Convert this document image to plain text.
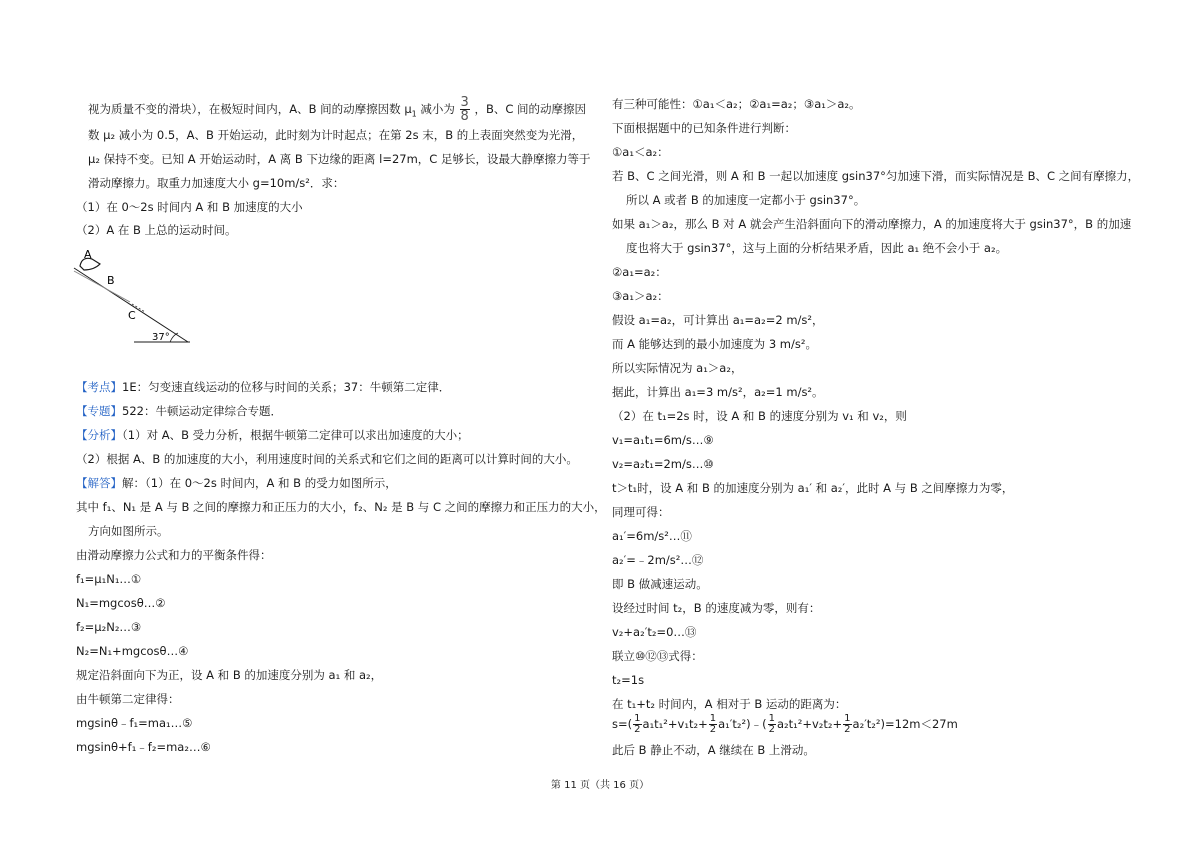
视为质量不变的滑块），在极短时间内，A、B 间的动摩擦因数 $\mu_1$ 减小为 $\frac{3}{8}$ ，B、C 间的动摩擦因
数 μ₂ 减小为 0.5，A、B 开始运动，此时刻为计时起点；在第 2s 末，B 的上表面突然变为光滑，
μ₂ 保持不变。已知 A 开始运动时，A 离 B 下边缘的距离 l=27m，C 足够长，设最大静摩擦力等于
滑动摩擦力。取重力加速度大小 g=10m/s²．求：
（1）在 0～2s 时间内 A 和 B 加速度的大小
（2）A 在 B 上总的运动时间。
A
B
C
37°
【考点】1E：匀变速直线运动的位移与时间的关系；37：牛顿第二定律．
【专题】522：牛顿运动定律综合专题．
【分析】（1）对 A、B 受力分析，根据牛顿第二定律可以求出加速度的大小；
（2）根据 A、B 的加速度的大小，利用速度时间的关系式和它们之间的距离可以计算时间的大小。
【解答】解：（1）在 0～2s 时间内，A 和 B 的受力如图所示，
其中 f₁、N₁ 是 A 与 B 之间的摩擦力和正压力的大小，f₂、N₂ 是 B 与 C 之间的摩擦力和正压力的大小，
方向如图所示。
由滑动摩擦力公式和力的平衡条件得：
f₁=μ₁N₁…①
N₁=mgcosθ…②
f₂=μ₂N₂…③
N₂=N₁+mgcosθ…④
规定沿斜面向下为正，设 A 和 B 的加速度分别为 a₁ 和 a₂，
由牛顿第二定律得：
mgsinθ﹣f₁=ma₁…⑤
mgsinθ+f₁﹣f₂=ma₂…⑥
有三种可能性：①a₁＜a₂；②a₁=a₂；③a₁＞a₂。
下面根据题中的已知条件进行判断：
①a₁＜a₂：
若 B、C 之间光滑，则 A 和 B 一起以加速度 gsin37°匀加速下滑，而实际情况是 B、C 之间有摩擦力，
所以 A 或者 B 的加速度一定都小于 gsin37°。
如果 a₁＞a₂，那么 B 对 A 就会产生沿斜面向下的滑动摩擦力，A 的加速度将大于 gsin37°，B 的加速
度也将大于 gsin37°，这与上面的分析结果矛盾，因此 a₁ 绝不会小于 a₂。
②a₁=a₂：
③a₁＞a₂：
假设 a₁=a₂，可计算出 a₁=a₂=2 m/s²，
而 A 能够达到的最小加速度为 3 m/s²。
所以实际情况为 a₁＞a₂，
据此，计算出 a₁=3 m/s²，a₂=1 m/s²。
（2）在 t₁=2s 时，设 A 和 B 的速度分别为 v₁ 和 v₂，则
v₁=a₁t₁=6m/s…⑨
v₂=a₂t₁=2m/s…⑩
t＞t₁时，设 A 和 B 的加速度分别为 a₁′ 和 a₂′，此时 A 与 B 之间摩擦力为零，
同理可得：
a₁′=6m/s²…⑪
a₂′=﹣2m/s²…⑫
即 B 做减速运动。
设经过时间 t₂，B 的速度减为零，则有：
v₂+a₂′t₂=0…⑬
联立⑩⑫⑬式得：
t₂=1s
在 t₁+t₂ 时间内，A 相对于 B 运动的距离为：
$s=( \frac{1}{2} a_1t_1^2+v_1t_2+ \frac{1}{2}$ a₁′t₂²)﹣( $\frac{1}{2} a_2t_1^2+v_2t_2+ \frac{1}{2} a_2't_2^2)=12m<27m$
此后 B 静止不动，A 继续在 B 上滑动。
第 11 页（共 16 页）
